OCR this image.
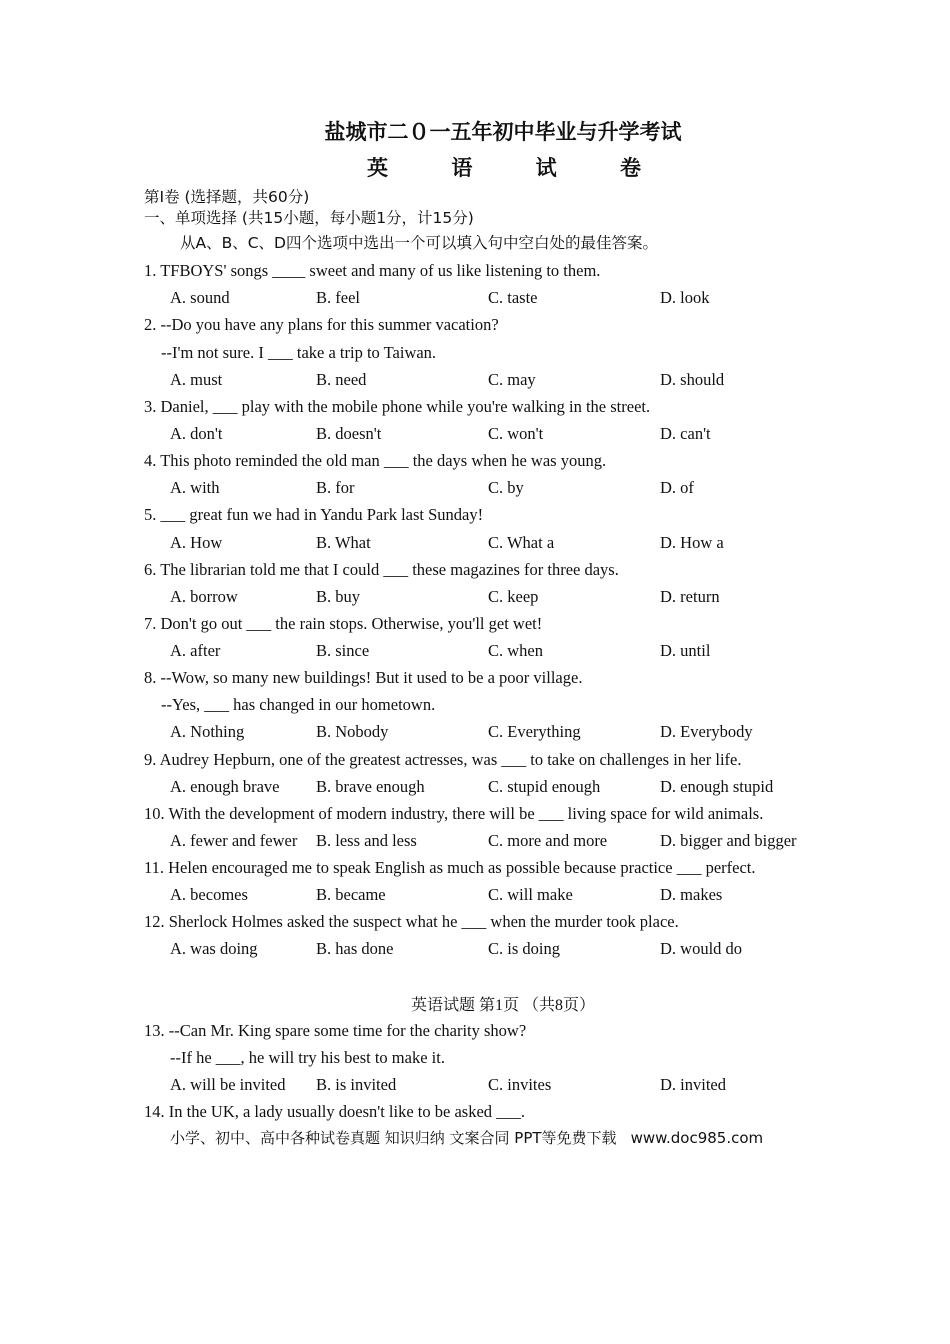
盐城市二０一五年初中毕业与升学考试
英 语 试 卷
第Ⅰ卷 (选择题，共60分)
一、单项选择 (共15小题，每小题1分，计15分)
从A、B、C、D四个选项中选出一个可以填入句中空白处的最佳答案。
1. TFBOYS' songs ____ sweet and many of us like listening to them.
A. sound	B. feel	C. taste	D. look
2. --Do you have any plans for this summer vacation?
--I'm not sure. I ___ take a trip to Taiwan.
A. must	B. need	C. may	D. should
3. Daniel, ___ play with the mobile phone while you're walking in the street.
A. don't	B. doesn't	C. won't	D. can't
4. This photo reminded the old man ___ the days when he was young.
A. with	B. for	C. by	D. of
5. ___ great fun we had in Yandu Park last Sunday!
A. How	B. What	C. What a	D. How a
6. The librarian told me that I could ___ these magazines for three days.
A. borrow	B. buy	C. keep	D. return
7. Don't go out ___ the rain stops. Otherwise, you'll get wet!
A. after	B. since	C. when	D. until
8. --Wow, so many new buildings! But it used to be a poor village.
--Yes, ___ has changed in our hometown.
A. Nothing	B. Nobody	C. Everything	D. Everybody
9. Audrey Hepburn, one of the greatest actresses, was ___ to take on challenges in her life.
A. enough brave B. brave enough	C. stupid enough	D. enough stupid
10. With the development of modern industry, there will be ___ living space for wild animals.
A. fewer and fewer B. less and less	C. more and more	D. bigger and bigger
11. Helen encouraged me to speak English as much as possible because practice ___ perfect.
A. becomes	B. became	C. will make	D. makes
12. Sherlock Holmes asked the suspect what he ___ when the murder took place.
A. was doing	B. has done	C. is doing	D. would do
英语试题 第1页 （共8页）
13. --Can Mr. King spare some time for the charity show?
--If he ___, he will try his best to make it.
A. will be invited B. is invited	C. invites	D. invited
14. In the UK, a lady usually doesn't like to be asked ___.
小学、初中、高中各种试卷真题 知识归纳 文案合同 PPT等免费下载 www.doc985.com
